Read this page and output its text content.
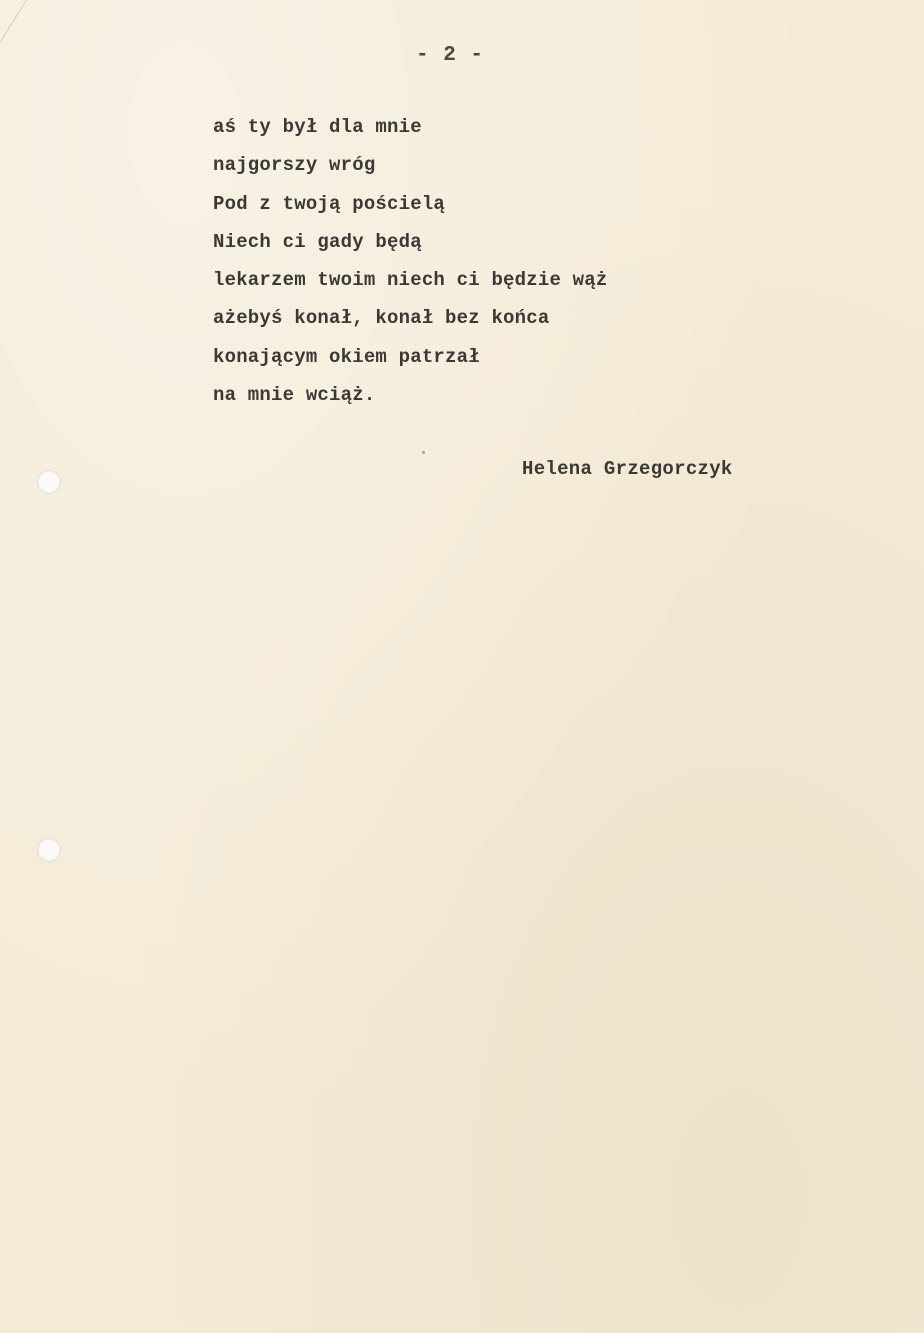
- 2 -
aś ty był dla mnie
najgorszy wróg
Pod z twoją pościelą
Niech ci gady będą
lekarzem twoim niech ci będzie wąż
ażebyś konał, konał bez końca
konającym okiem patrzał
na mnie wciąż.
Helena Grzegorczyk
